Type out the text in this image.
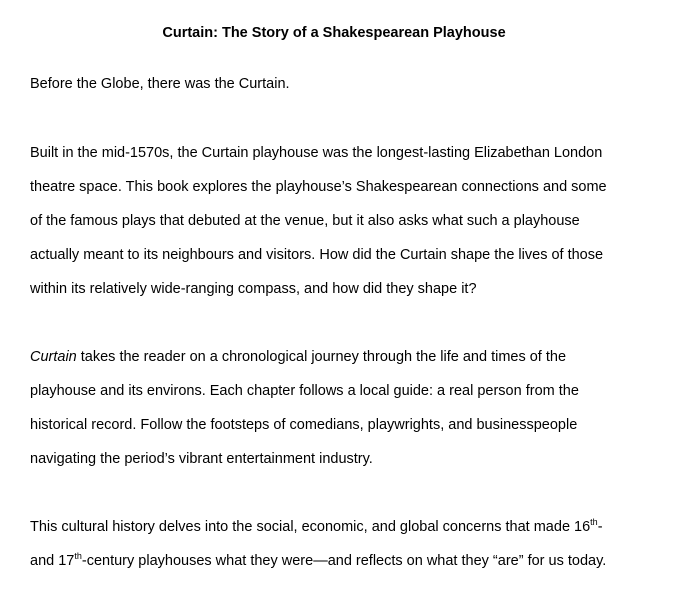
Curtain: The Story of a Shakespearean Playhouse
Before the Globe, there was the Curtain.
Built in the mid-1570s, the Curtain playhouse was the longest-lasting Elizabethan London
theatre space. This book explores the playhouse’s Shakespearean connections and some
of the famous plays that debuted at the venue, but it also asks what such a playhouse
actually meant to its neighbours and visitors. How did the Curtain shape the lives of those
within its relatively wide-ranging compass, and how did they shape it?
Curtain takes the reader on a chronological journey through the life and times of the
playhouse and its environs. Each chapter follows a local guide: a real person from the
historical record. Follow the footsteps of comedians, playwrights, and businesspeople
navigating the period’s vibrant entertainment industry.
This cultural history delves into the social, economic, and global concerns that made 16th-
and 17th-century playhouses what they were—and reflects on what they “are” for us today.
